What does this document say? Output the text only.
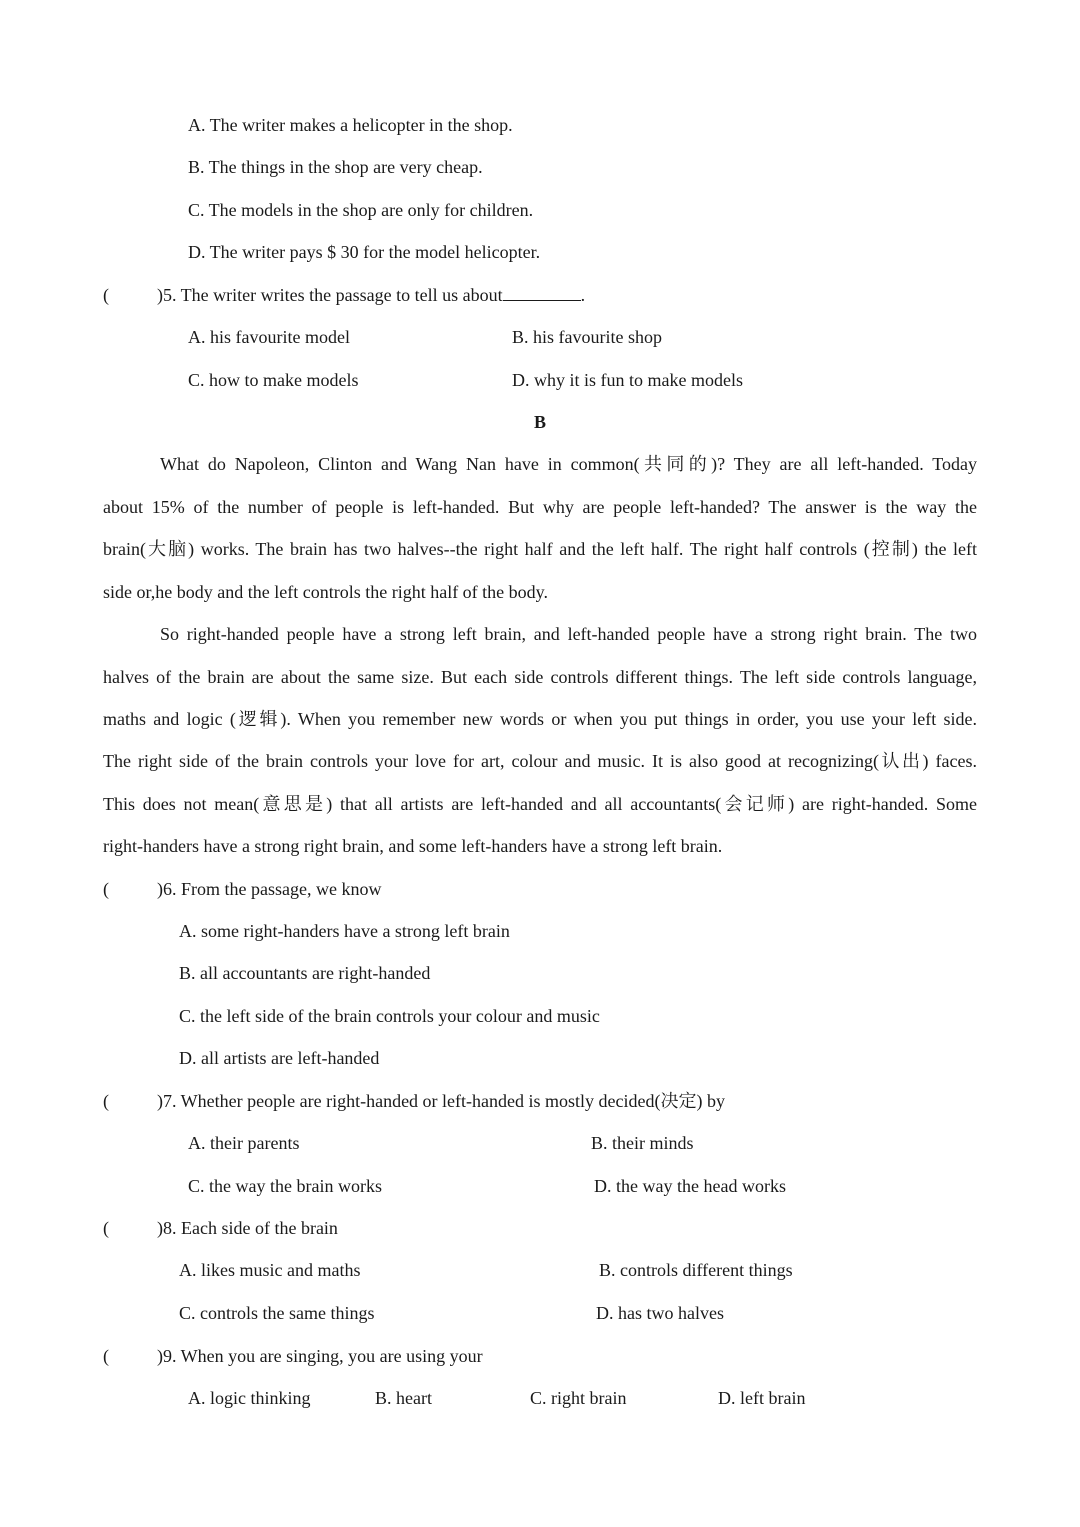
A. The writer makes a helicopter in the shop.
B. The things in the shop are very cheap.
C. The models in the shop are only for children.
D. The writer pays $ 30 for the model helicopter.
(	)5. The writer writes the passage to tell us about	.
A. his favourite model	B. his favourite shop
C. how to make models	D. why it is fun to make models
B
What do Napoleon, Clinton and Wang Nan have in common(共同的)? They are all left-handed. Today
about 15% of the number of people is left-handed. But why are people left-handed? The answer is the way the
brain(大脑) works. The brain has two halves--the right half and the left half. The right half controls (控制) the left
side or,he body and the left controls the right half of the body.
So right-handed people have a strong left brain, and left-handed people have a strong right brain. The two
halves of the brain are about the same size. But each side controls different things. The left side controls language,
maths and logic (逻辑). When you remember new words or when you put things in order, you use your left side.
The right side of the brain controls your love for art, colour and music. It is also good at recognizing(认出) faces.
This does not mean(意思是) that all artists are left-handed and all accountants(会记师) are right-handed. Some
right-handers have a strong right brain, and some left-handers have a strong left brain.
(	)6. From the passage, we know
A. some right-handers have a strong left brain
B. all accountants are right-handed
C. the left side of the brain controls your colour and music
D. all artists are left-handed
(	)7. Whether people are right-handed or left-handed is mostly decided(决定) by
A. their parents	B. their minds
C. the way the brain works	D. the way the head works
(	)8. Each side of the brain
A. likes music and maths	B. controls different things
C. controls the same things	D. has two halves
(	)9. When you are singing, you are using your
A. logic thinking	B. heart	C. right brain	D. left brain
